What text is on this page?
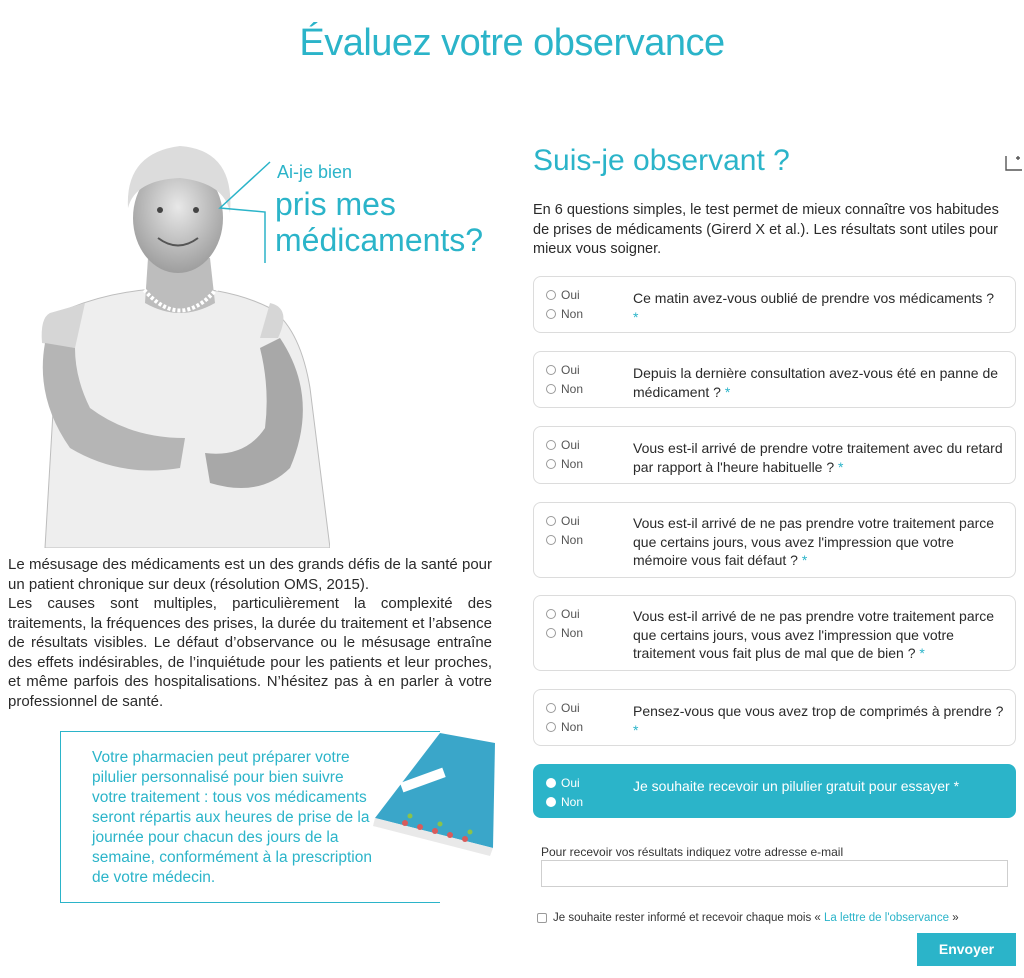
Évaluez votre observance
Ai-je bien
pris mes
médicaments?

Le mésusage des médicaments est un des grands défis de la santé pour un patient chronique sur deux (résolution OMS, 2015).

Les causes sont multiples, particulièrement la complexité des traitements, la fréquences des prises, la durée du traitement et l’absence de résultats visibles. Le défaut d’observance ou le mésusage entraîne des effets indésirables, de l’inquiétude pour les patients et leur proches, et même parfois des hospitalisations. N’hésitez pas à en parler à votre professionnel de santé.

Votre pharmacien peut préparer votre pilulier personnalisé pour bien suivre votre traitement : tous vos médicaments seront répartis aux heures de prise de la journée pour chacun des jours de la semaine, conformément à la prescription de votre médecin.
Suis-je observant ?
En 6 questions simples, le test permet de mieux connaître vos habitudes de prises de médicaments (Girerd X et al.). Les résultats sont utiles pour mieux vous soigner.
Oui
Non
Ce matin avez-vous oublié de prendre vos médicaments ?
*
Oui
Non
Depuis la dernière consultation avez-vous été en panne de médicament ? *
Oui
Non
Vous est-il arrivé de prendre votre traitement avec du retard par rapport à l'heure habituelle ? *
Oui
Non
Vous est-il arrivé de ne pas prendre votre traitement parce que certains jours, vous avez l'impression que votre mémoire vous fait défaut ? *
Oui
Non
Vous est-il arrivé de ne pas prendre votre traitement parce que certains jours, vous avez l'impression que votre traitement vous fait plus de mal que de bien ? *
Oui
Non
Pensez-vous que vous avez trop de comprimés à prendre ?
*
Oui
Non
Je souhaite recevoir un pilulier gratuit pour essayer *
Pour recevoir vos résultats indiquez votre adresse e-mail
Je souhaite rester informé et recevoir chaque mois «
La lettre de l'observance
»
Envoyer
